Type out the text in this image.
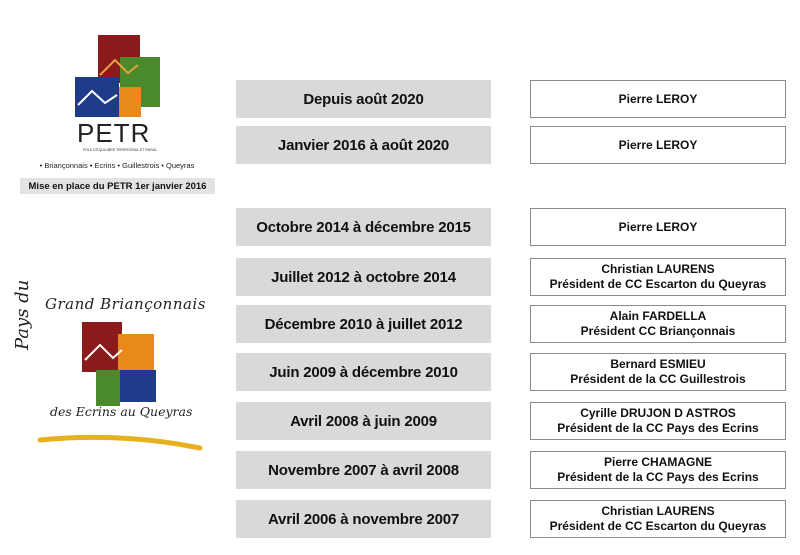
PETR
PÔLE D'ÉQUILIBRE TERRITORIAL ET RURAL
• Briançonnais • Ecrins • Guillestrois • Queyras
Mise en place du PETR 1er janvier 2016
Grand Briançonnais
Pays du
des Ecrins au Queyras
Depuis août 2020	Pierre LEROY
Janvier 2016 à août 2020	Pierre LEROY
Octobre 2014 à décembre 2015	Pierre LEROY
Juillet 2012 à octobre 2014	Christian LAURENS
Président de CC Escarton du Queyras
Décembre 2010 à juillet 2012	Alain FARDELLA
Président CC Briançonnais
Juin 2009 à décembre 2010	Bernard ESMIEU
Président de la CC Guillestrois
Avril 2008 à juin 2009	Cyrille DRUJON D ASTROS
Président de la CC Pays des Ecrins
Novembre 2007 à avril 2008	Pierre CHAMAGNE
Président de la CC Pays des Ecrins
Avril 2006 à novembre 2007	Christian LAURENS
Président de CC Escarton du Queyras
